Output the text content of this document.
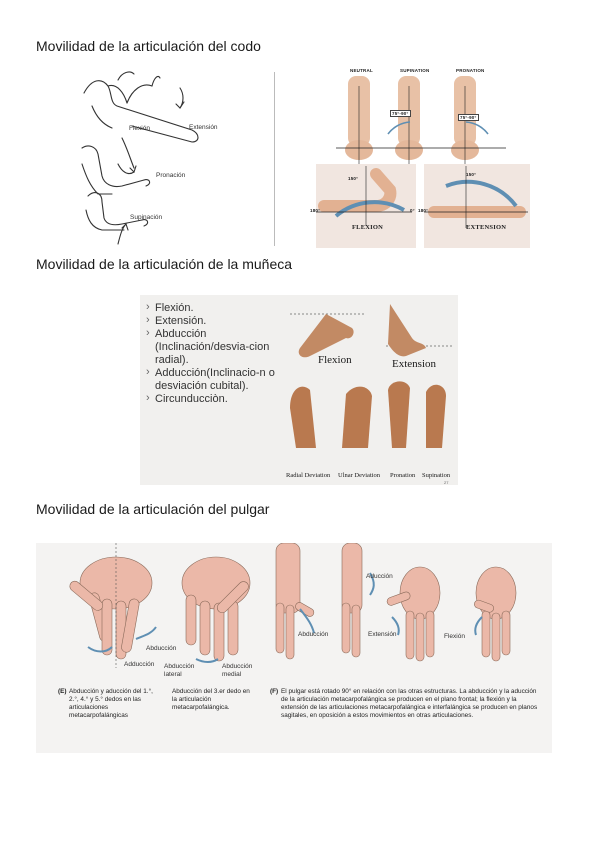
Movilidad de la articulación del codo
Flexión	Extensión
Pronación
Supinación
NEUTRAL	SUPINATION	PRONATION
75°-90°
75°-90°
150°
150°
180°	0° 180°
FLEXION	EXTENSION
Movilidad de la articulación de la muñeca
› Flexión.
› Extensión.
› Abducción (Inclinación/desvia-cion radial).
› Adducción(Inclinacio-n o desviación cubital).
› Circunducciòn.
Flexion	Extension
Radial Deviation Ulnar Deviation Pronation Supination
27
Movilidad de la articulación del pulgar
Abducción
Adducción Abducción lateral
Abducción medial
Aducción
Abducción	Extensión	Flexión
(E) Abducción y aducción del 1.°, 2.°, 4.° y 5.° dedos en las articulaciones metacarpofalángicas
Abducción del 3.er dedo en la articulación metacarpofalángica.
(F) El pulgar está rotado 90° en relación con las otras estructuras. La abducción y la aducción de la articulación metacarpofalángica se producen en el plano frontal; la flexión y la extensión de las articulaciones metacarpofalángica e interfalángica se producen en planos sagitales, en oposición a estos movimientos en otras articulaciones.
